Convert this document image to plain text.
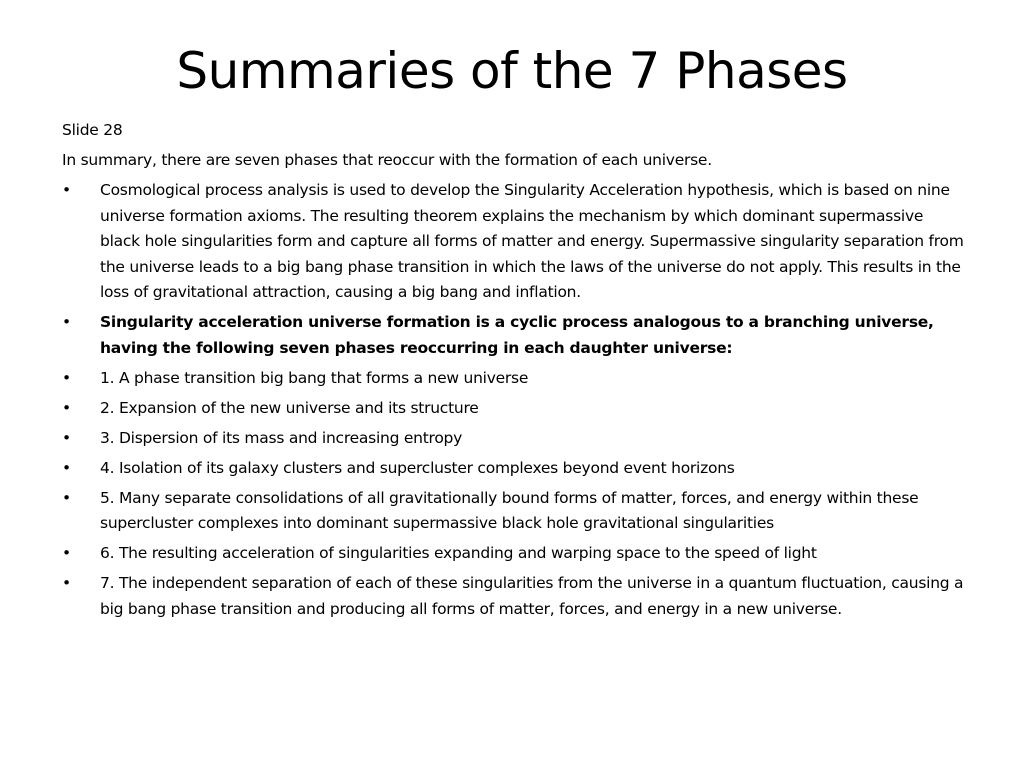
Summaries of the 7 Phases

Slide 28

In summary, there are seven phases that reoccur with the formation of each universe.

•	Cosmological process analysis is used to develop the Singularity Acceleration hypothesis, which is based on nine universe formation axioms. The resulting theorem explains the mechanism by which dominant supermassive black hole singularities form and capture all forms of matter and energy. Supermassive singularity separation from the universe leads to a big bang phase transition in which the laws of the universe do not apply. This results in the loss of gravitational attraction, causing a big bang and inflation.
•	Singularity acceleration universe formation is a cyclic process analogous to a branching universe, having the following seven phases reoccurring in each daughter universe:
•	1. A phase transition big bang that forms a new universe
•	2. Expansion of the new universe and its structure
•	3. Dispersion of its mass and increasing entropy
•	4. Isolation of its galaxy clusters and supercluster complexes beyond event horizons
•	5. Many separate consolidations of all gravitationally bound forms of matter, forces, and energy within these supercluster complexes into dominant supermassive black hole gravitational singularities
•	6. The resulting acceleration of singularities expanding and warping space to the speed of light
•	7. The independent separation of each of these singularities from the universe in a quantum fluctuation, causing a big bang phase transition and producing all forms of matter, forces, and energy in a new universe.
